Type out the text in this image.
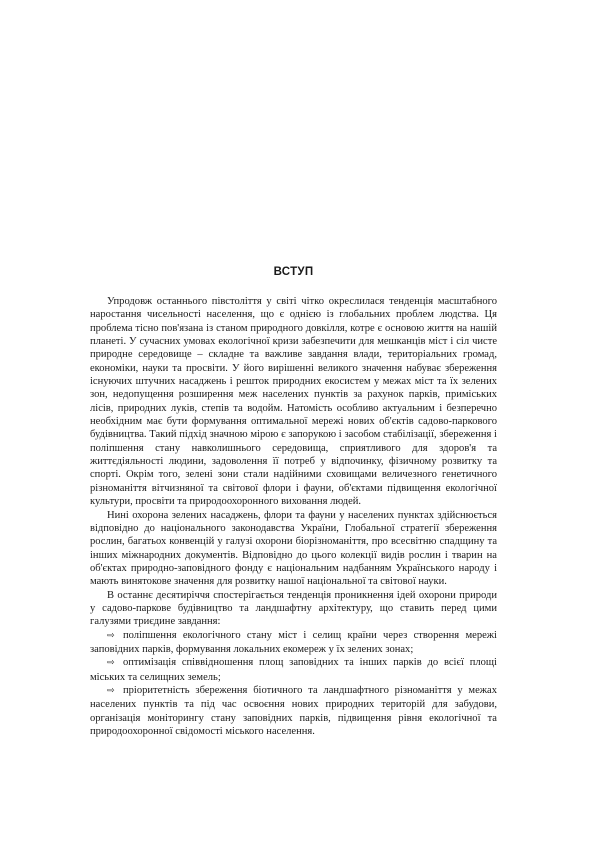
ВСТУП

Упродовж останнього півстоліття у світі чітко окреслилася тенденція масштабного наростання чисельності населення, що є однією із глобальних проблем людства. Ця проблема тісно пов'язана із станом природного довкілля, котре є основою життя на нашій планеті. У сучасних умовах екологічної кризи забезпечити для мешканців міст і сіл чисте природне середовище – складне та важливе завдання влади, територіальних громад, економіки, науки та просвіти. У його вирішенні великого значення набуває збереження існуючих штучних насаджень і решток природних екосистем у межах міст та їх зелених зон, недопущення розширення меж населених пунктів за рахунок парків, приміських лісів, природних луків, степів та водойм. Натомість особливо актуальним і безперечно необхідним має бути формування оптимальної мережі нових об'єктів садово-паркового будівництва. Такий підхід значною мірою є запорукою і засобом стабілізації, збереження і поліпшення стану навколишнього середовища, сприятливого для здоров'я та життєдіяльності людини, задоволення її потреб у відпочинку, фізичному розвитку та спорті. Окрім того, зелені зони стали надійними сховищами величезного генетичного різноманіття вітчизняної та світової флори і фауни, об'єктами підвищення екологічної культури, просвіти та природоохоронного виховання людей.

Нині охорона зелених насаджень, флори та фауни у населених пунктах здійснюється відповідно до національного законодавства України, Глобальної стратегії збереження рослин, багатьох конвенцій у галузі охорони біорізноманіття, про всесвітню спадщину та інших міжнародних документів. Відповідно до цього колекції видів рослин і тварин на об'єктах природно-заповідного фонду є національним надбанням Українського народу і мають винятокове значення для розвитку нашої національної та світової науки.

В останнє десятиріччя спостерігається тенденція проникнення ідей охорони природи у садово-паркове будівництво та ландшафтну архітектуру, що ставить перед цими галузями триєдине завдання:

⇨ поліпшення екологічного стану міст і селищ країни через створення мережі заповідних парків, формування локальних екомереж у їх зелених зонах;

⇨ оптимізація співвідношення площ заповідних та інших парків до всієї площі міських та селищних земель;

⇨ пріоритетність збереження біотичного та ландшафтного різноманіття у межах населених пунктів та під час освоєння нових природних територій для забудови, організація моніторингу стану заповідних парків, підвищення рівня екологічної та природоохоронної свідомості міського населення.
